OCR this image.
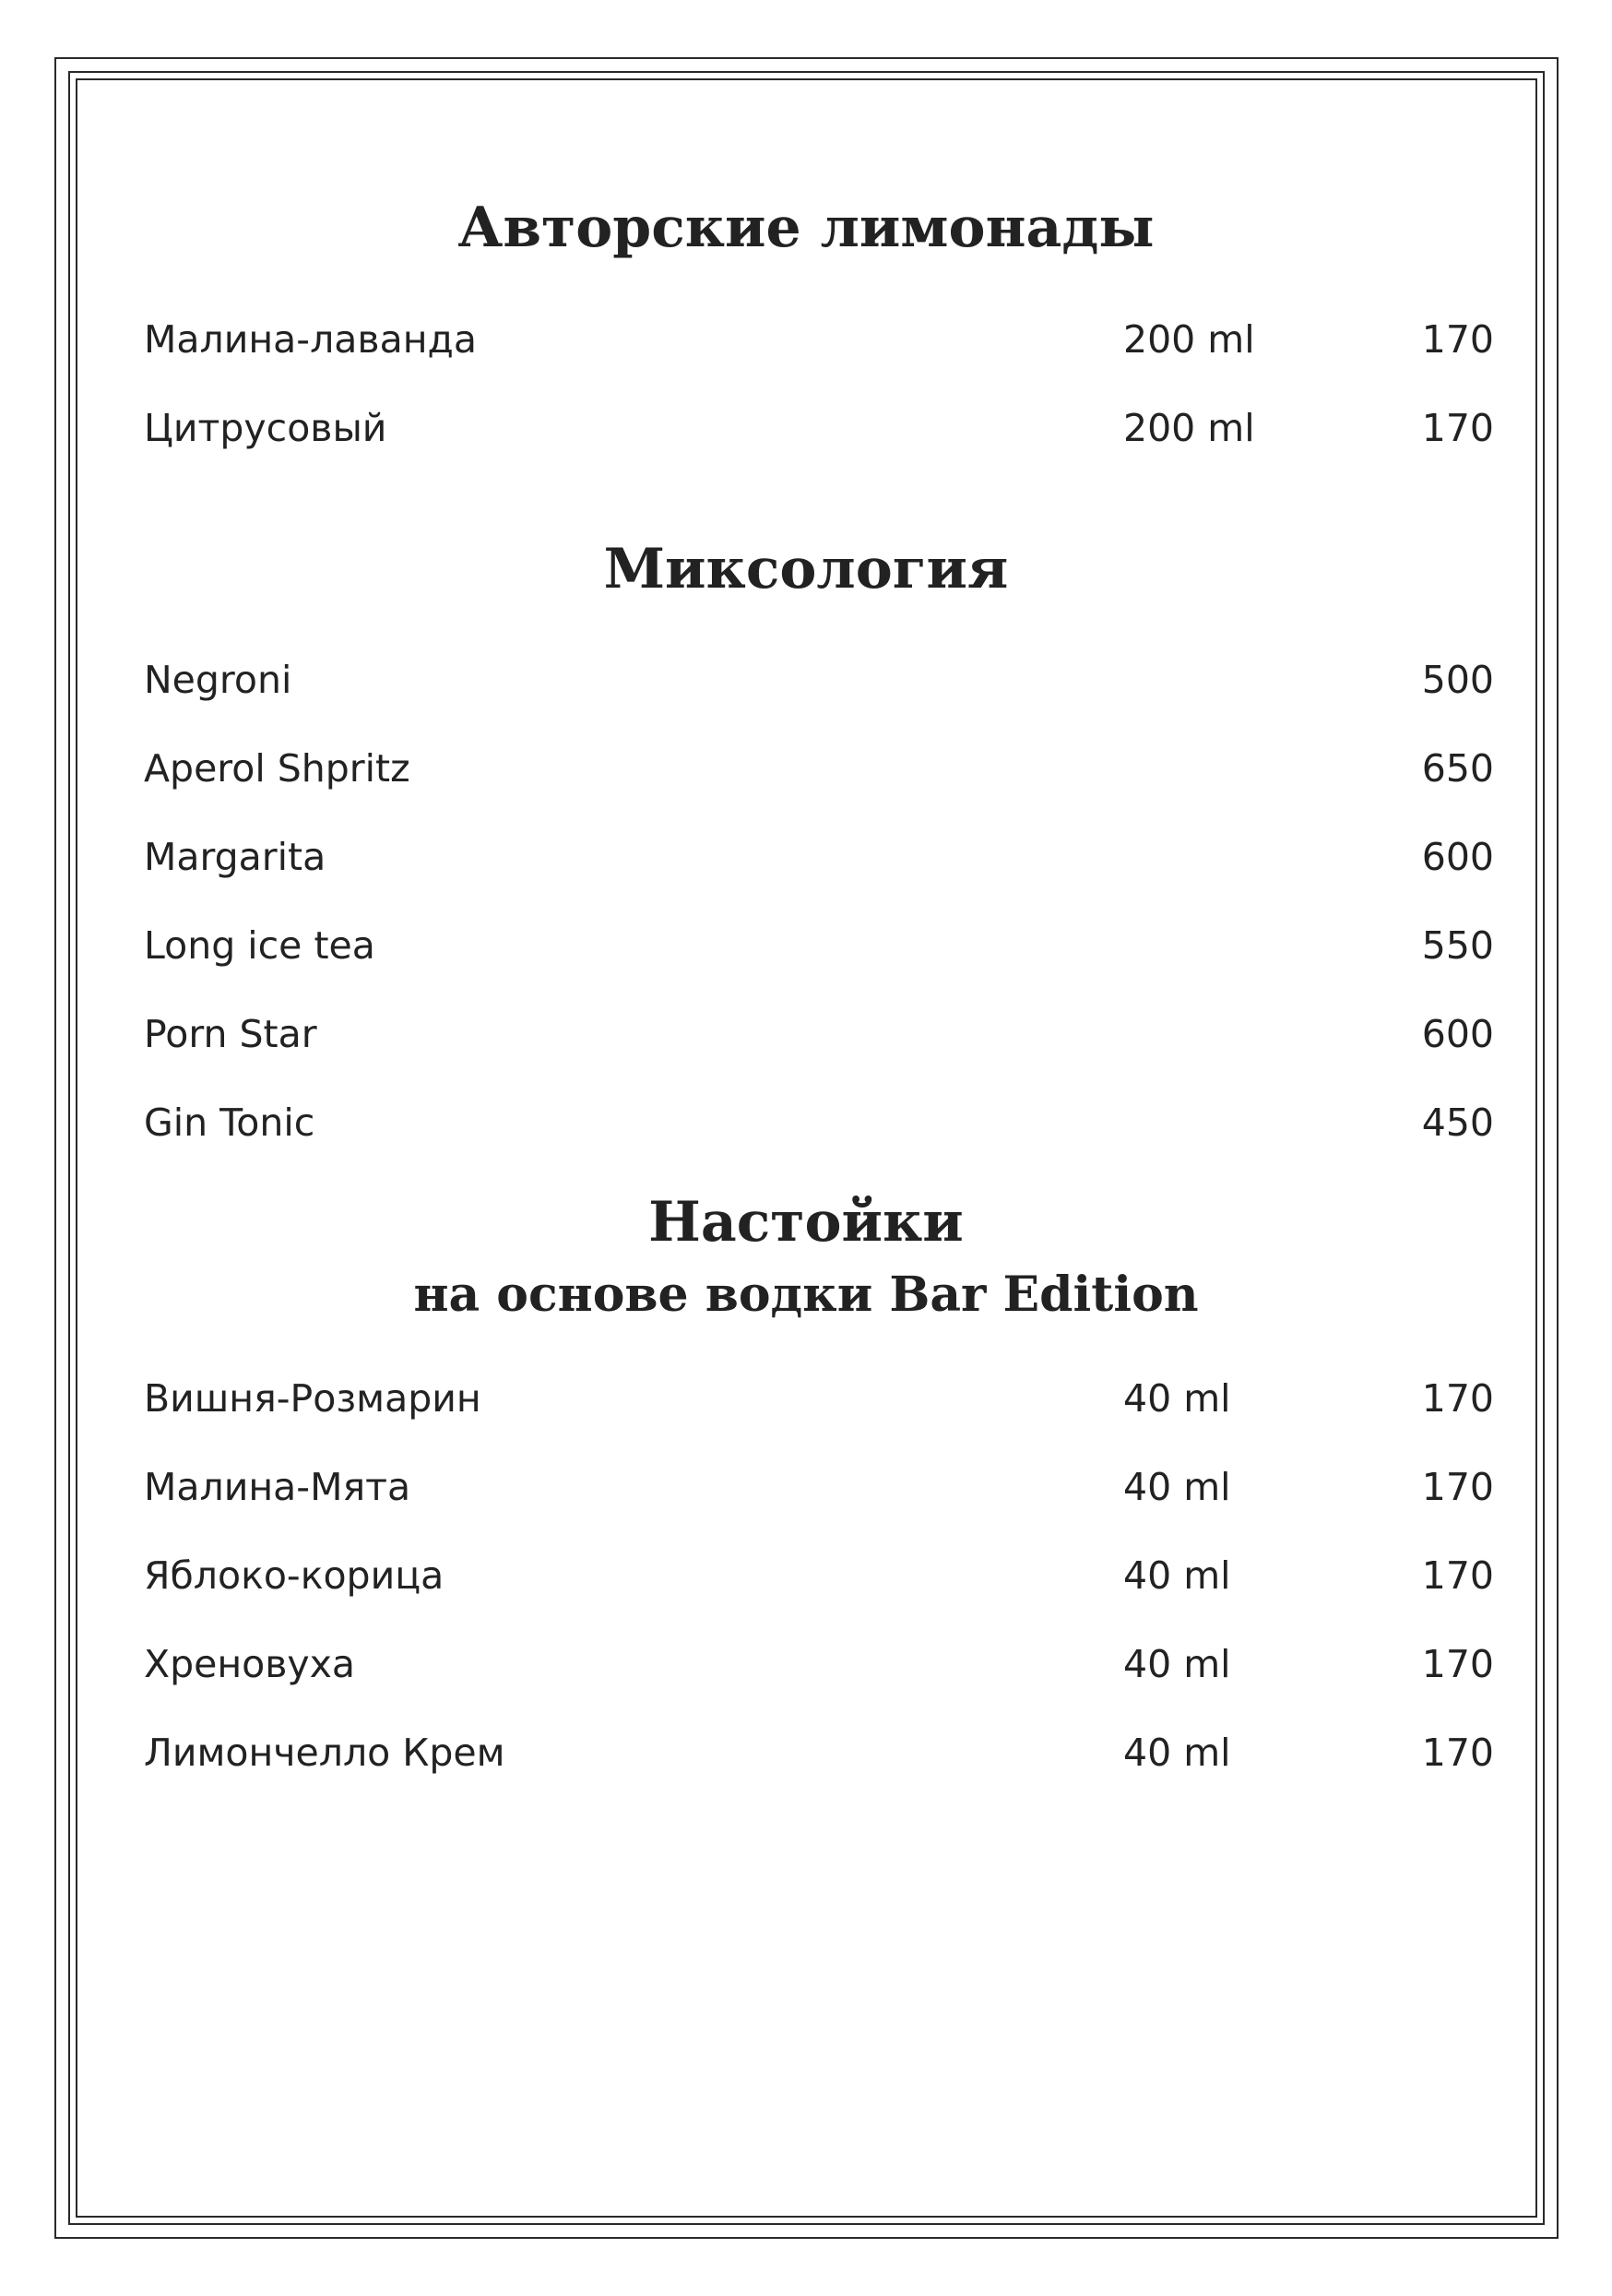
Авторские лимонады
Малина-лаванда	200 ml	170
Цитрусовый	200 ml	170
Миксология
Negroni	500
Aperol Shpritz	650
Margarita	600
Long ice tea	550
Porn Star	600
Gin Tonic	450
Настойки
на основе водки Bar Edition
Вишня-Розмарин	40 ml	170
Малина-Мята	40 ml	170
Яблоко-корица	40 ml	170
Хреновуха	40 ml	170
Лимончелло Крем	40 ml	170
